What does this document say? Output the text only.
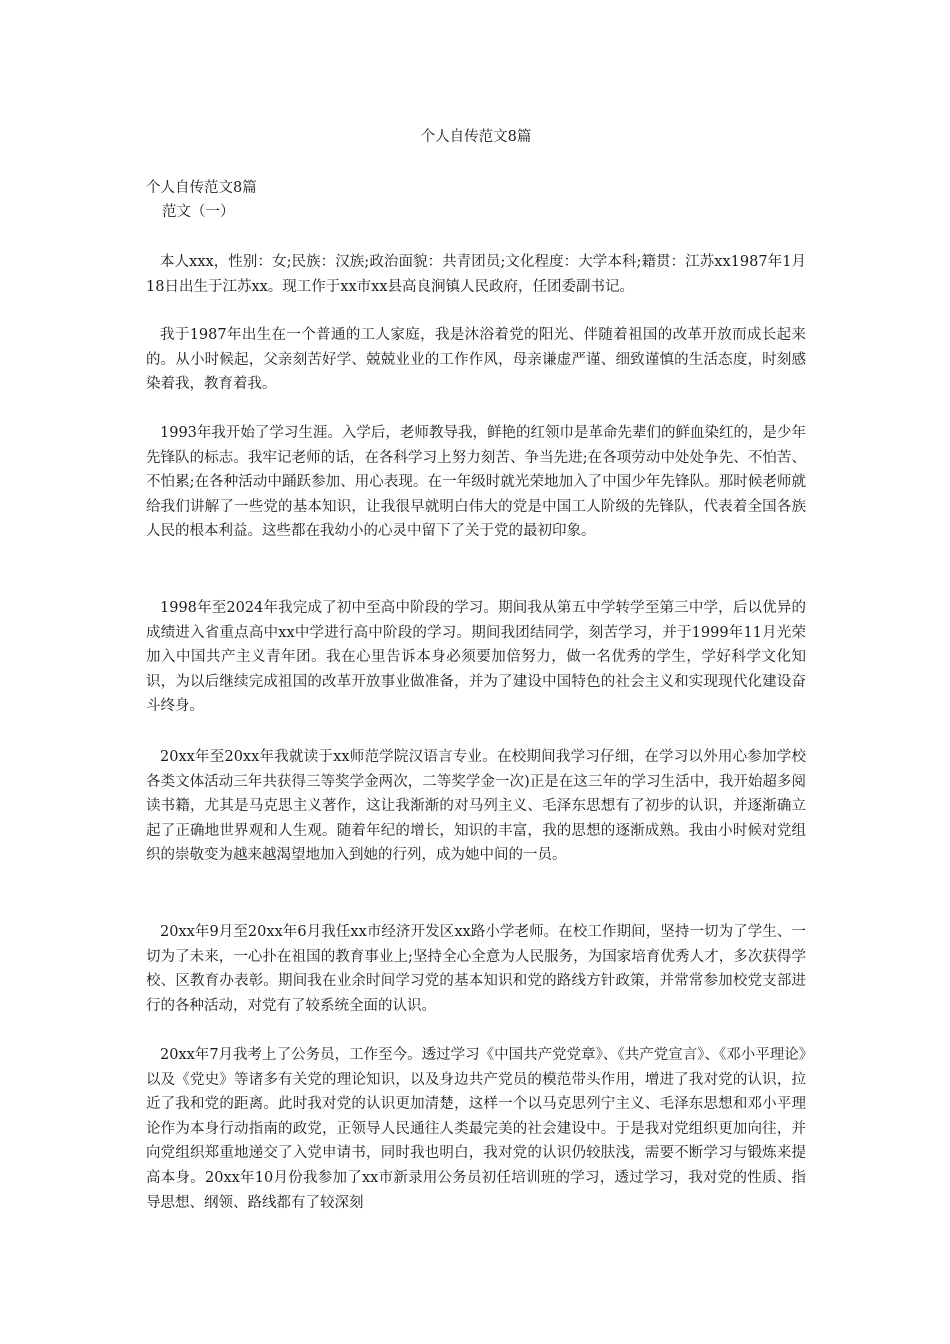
个人自传范文8篇
个人自传范文8篇
范文（一）

本人xxx，性别：女;民族：汉族;政治面貌：共青团员;文化程度：大学本科;籍贯：江苏xx1987年1月18日出生于江苏xx。现工作于xx市xx县高良涧镇人民政府，任团委副书记。

我于1987年出生在一个普通的工人家庭，我是沐浴着党的阳光、伴随着祖国的改革开放而成长起来的。从小时候起，父亲刻苦好学、兢兢业业的工作作风，母亲谦虚严谨、细致谨慎的生活态度，时刻感染着我，教育着我。

1993年我开始了学习生涯。入学后，老师教导我，鲜艳的红领巾是革命先辈们的鲜血染红的，是少年先锋队的标志。我牢记老师的话，在各科学习上努力刻苦、争当先进;在各项劳动中处处争先、不怕苦、不怕累;在各种活动中踊跃参加、用心表现。在一年级时就光荣地加入了中国少年先锋队。那时候老师就给我们讲解了一些党的基本知识，让我很早就明白伟大的党是中国工人阶级的先锋队，代表着全国各族人民的根本利益。这些都在我幼小的心灵中留下了关于党的最初印象。

1998年至2024年我完成了初中至高中阶段的学习。期间我从第五中学转学至第三中学，后以优异的成绩进入省重点高中xx中学进行高中阶段的学习。期间我团结同学，刻苦学习，并于1999年11月光荣加入中国共产主义青年团。我在心里告诉本身必须要加倍努力，做一名优秀的学生，学好科学文化知识，为以后继续完成祖国的改革开放事业做准备，并为了建设中国特色的社会主义和实现现代化建设奋斗终身。

20xx年至20xx年我就读于xx师范学院汉语言专业。在校期间我学习仔细，在学习以外用心参加学校各类文体活动三年共获得三等奖学金两次，二等奖学金一次)正是在这三年的学习生活中，我开始超多阅读书籍，尤其是马克思主义著作，这让我渐渐的对马列主义、毛泽东思想有了初步的认识，并逐渐确立起了正确地世界观和人生观。随着年纪的增长，知识的丰富，我的思想的逐渐成熟。我由小时候对党组织的崇敬变为越来越渴望地加入到她的行列，成为她中间的一员。

20xx年9月至20xx年6月我任xx市经济开发区xx路小学老师。在校工作期间，坚持一切为了学生、一切为了未来，一心扑在祖国的教育事业上;坚持全心全意为人民服务，为国家培育优秀人才，多次获得学校、区教育办表彰。期间我在业余时间学习党的基本知识和党的路线方针政策，并常常参加校党支部进行的各种活动，对党有了较系统全面的认识。

20xx年7月我考上了公务员，工作至今。透过学习《中国共产党党章》、《共产党宣言》、《邓小平理论》以及《党史》等诸多有关党的理论知识，以及身边共产党员的模范带头作用，增进了我对党的认识，拉近了我和党的距离。此时我对党的认识更加清楚，这样一个以马克思列宁主义、毛泽东思想和邓小平理论作为本身行动指南的政党，正领导人民通往人类最完美的社会建设中。于是我对党组织更加向往，并向党组织郑重地递交了入党申请书，同时我也明白，我对党的认识仍较肤浅，需要不断学习与锻炼来提高本身。20xx年10月份我参加了xx市新录用公务员初任培训班的学习，透过学习，我对党的性质、指导思想、纲领、路线都有了较深刻
